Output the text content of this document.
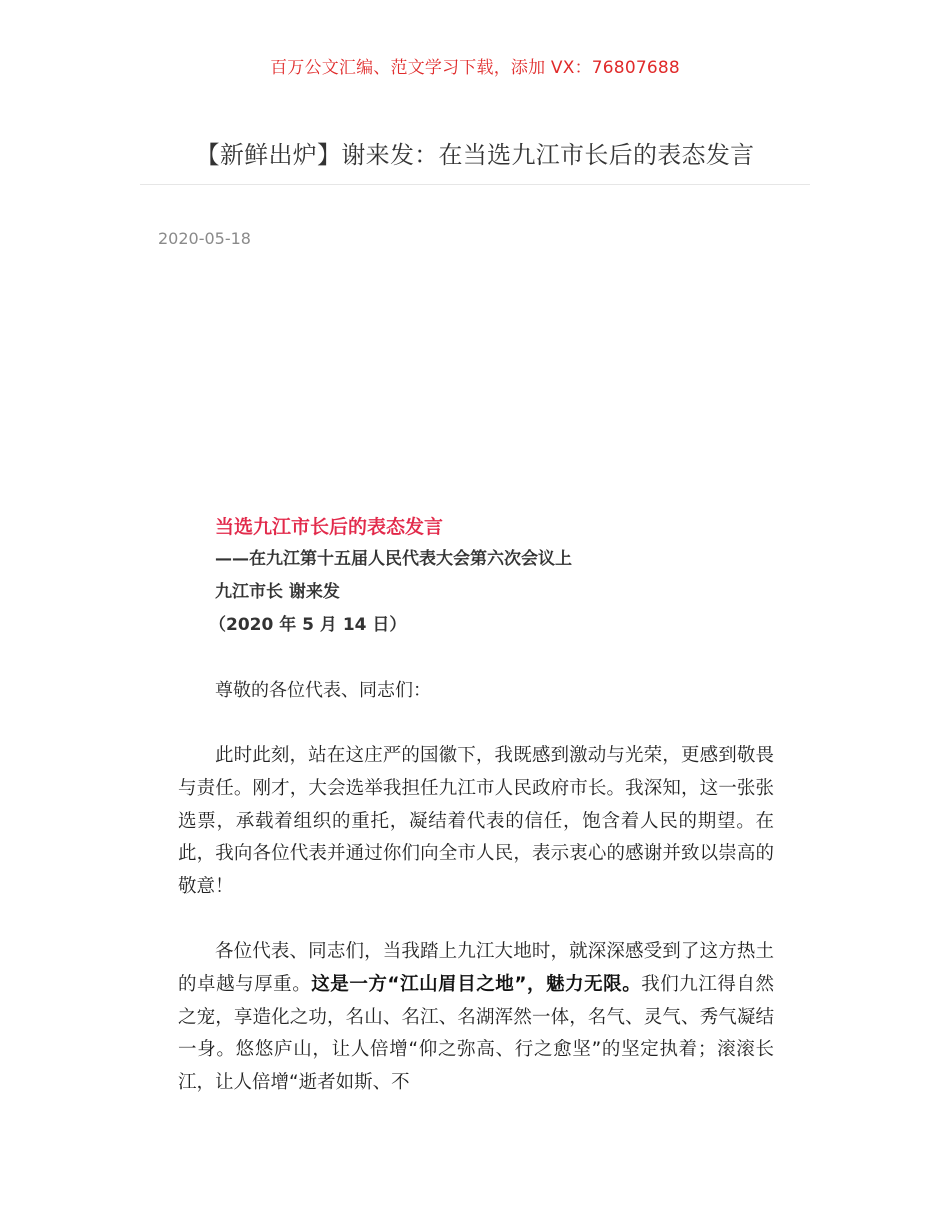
百万公文汇编、范文学习下载，添加 VX：76807688
【新鲜出炉】谢来发：在当选九江市长后的表态发言
2020-05-18
当选九江市长后的表态发言
——在九江第十五届人民代表大会第六次会议上
九江市长 谢来发
（2020 年 5 月 14 日）
尊敬的各位代表、同志们：

此时此刻，站在这庄严的国徽下，我既感到激动与光荣，更感到敬畏与责任。刚才，大会选举我担任九江市人民政府市长。我深知，这一张张选票，承载着组织的重托，凝结着代表的信任，饱含着人民的期望。在此，我向各位代表并通过你们向全市人民，表示衷心的感谢并致以崇高的敬意！

各位代表、同志们，当我踏上九江大地时，就深深感受到了这方热土的卓越与厚重。这是一方“江山眉目之地”，魅力无限。我们九江得自然之宠，享造化之功，名山、名江、名湖浑然一体，名气、灵气、秀气凝结一身。悠悠庐山，让人倍增“仰之弥高、行之愈坚”的坚定执着；滚滚长江，让人倍增“逝者如斯、不
